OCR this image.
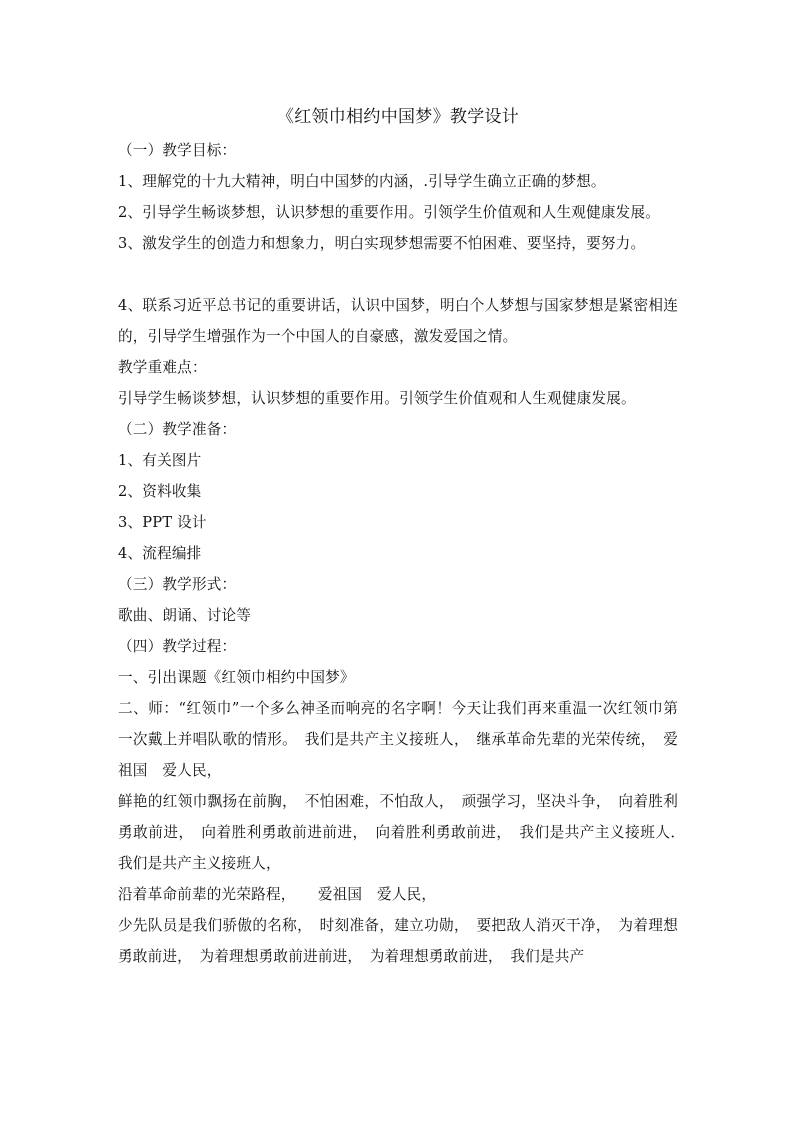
《红领巾相约中国梦》教学设计

（一）教学目标：

1、理解党的十九大精神，明白中国梦的内涵，.引导学生确立正确的梦想。

2、引导学生畅谈梦想，认识梦想的重要作用。引领学生价值观和人生观健康发展。

3、激发学生的创造力和想象力，明白实现梦想需要不怕困难、要坚持，要努力。

4、联系习近平总书记的重要讲话，认识中国梦，明白个人梦想与国家梦想是紧密相连的，引导学生增强作为一个中国人的自豪感，激发爱国之情。

教学重难点：

引导学生畅谈梦想，认识梦想的重要作用。引领学生价值观和人生观健康发展。

（二）教学准备：

1、有关图片

2、资料收集

3、PPT 设计

4、流程编排

（三）教学形式：

歌曲、朗诵、讨论等

（四）教学过程：

一、引出课题《红领巾相约中国梦》

二、师：“红领巾”一个多么神圣而响亮的名字啊！今天让我们再来重温一次红领巾第一次戴上并唱队歌的情形。　我们是共产主义接班人，　继承革命先辈的光荣传统，　爱祖国　爱人民，

鲜艳的红领巾飘扬在前胸，　不怕困难，不怕敌人，　顽强学习，坚决斗争，　向着胜利勇敢前进，　向着胜利勇敢前进前进，　向着胜利勇敢前进，　我们是共产主义接班人．　我们是共产主义接班人，

沿着革命前辈的光荣路程，　　爱祖国　爱人民，

少先队员是我们骄傲的名称，　时刻准备，建立功勋，　要把敌人消灭干净，　为着理想勇敢前进，　为着理想勇敢前进前进，　为着理想勇敢前进，　我们是共产
